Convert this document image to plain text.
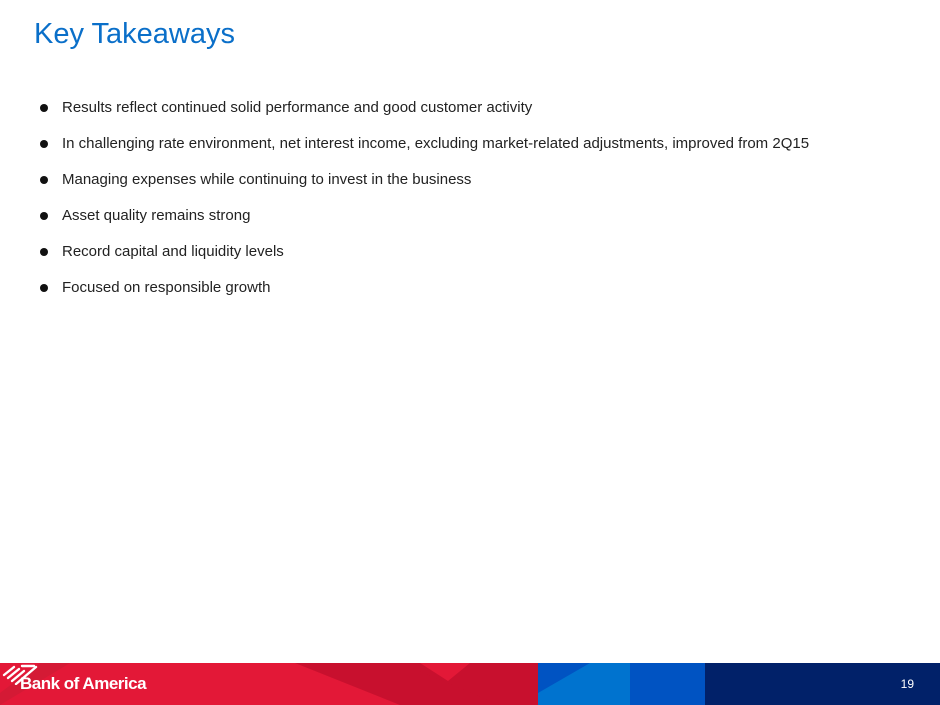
Key Takeaways
Results reflect continued solid performance and good customer activity
In challenging rate environment, net interest income, excluding market-related adjustments, improved from 2Q15
Managing expenses while continuing to invest in the business
Asset quality remains strong
Record capital and liquidity levels
Focused on responsible growth
Bank of America	19
